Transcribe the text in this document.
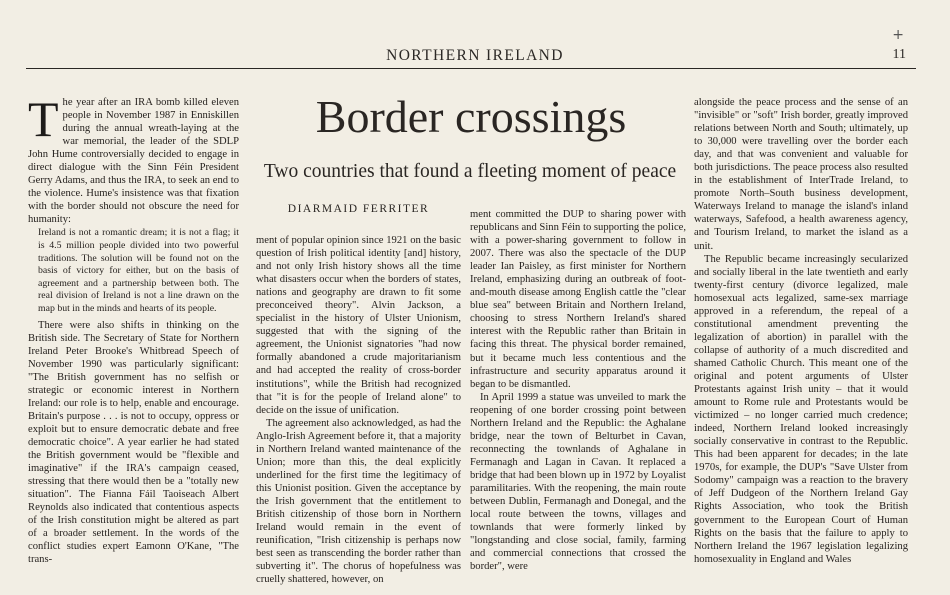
+
NORTHERN IRELAND	11
Border crossings
Two countries that found a fleeting moment of peace
DIARMAID FERRITER

The year after an IRA bomb killed eleven people in November 1987 in Enniskillen during the annual wreath-laying at the war memorial, the leader of the SDLP John Hume controversially decided to engage in direct dialogue with the Sinn Féin President Gerry Adams, and thus the IRA, to seek an end to the violence. Hume's insistence was that fixation with the border should not obscure the need for humanity:

Ireland is not a romantic dream; it is not a flag; it is 4.5 million people divided into two powerful traditions. The solution will be found not on the basis of victory for either, but on the basis of agreement and a partnership between both. The real division of Ireland is not a line drawn on the map but in the minds and hearts of its people.

There were also shifts in thinking on the British side. The Secretary of State for Northern Ireland Peter Brooke's Whitbread Speech of November 1990 was particularly significant: "The British government has no selfish or strategic or economic interest in Northern Ireland: our role is to help, enable and encourage. Britain's purpose . . . is not to occupy, oppress or exploit but to ensure democratic debate and free democratic choice". A year earlier he had stated the British government would be "flexible and imaginative" if the IRA's campaign ceased, stressing that there would then be a "totally new situation". The Fianna Fáil Taoiseach Albert Reynolds also indicated that contentious aspects of the Irish constitution might be altered as part of a broader settlement. In the words of the conflict studies expert Eamonn O'Kane, "The trans-

ment of popular opinion since 1921 on the basic question of Irish political identity [and] history, and not only Irish history shows all the time what disasters occur when the borders of states, nations and geography are drawn to fit some preconceived theory". Alvin Jackson, a specialist in the history of Ulster Unionism, suggested that with the signing of the agreement, the Unionist signatories "had now formally abandoned a crude majoritarianism and had accepted the reality of cross-border institutions", while the British had recognized that "it is for the people of Ireland alone" to decide on the issue of unification.

The agreement also acknowledged, as had the Anglo-Irish Agreement before it, that a majority in Northern Ireland wanted maintenance of the Union; more than this, the deal explicitly underlined for the first time the legitimacy of this Unionist position. Given the acceptance by the Irish government that the entitlement to British citizenship of those born in Northern Ireland would remain in the event of reunification, "Irish citizenship is perhaps now best seen as transcending the border rather than subverting it". The chorus of hopefulness was cruelly shattered, however, on

ment committed the DUP to sharing power with republicans and Sinn Féin to supporting the police, with a power-sharing government to follow in 2007. There was also the spectacle of the DUP leader Ian Paisley, as first minister for Northern Ireland, emphasizing during an outbreak of foot-and-mouth disease among English cattle the "clear blue sea" between Britain and Northern Ireland, choosing to stress Northern Ireland's shared interest with the Republic rather than Britain in facing this threat. The physical border remained, but it became much less contentious and the infrastructure and security apparatus around it began to be dismantled.

In April 1999 a statue was unveiled to mark the reopening of one border crossing point between Northern Ireland and the Republic: the Aghalane bridge, near the town of Belturbet in Cavan, reconnecting the townlands of Aghalane in Fermanagh and Lagan in Cavan. It replaced a bridge that had been blown up in 1972 by Loyalist paramilitaries. With the reopening, the main route between Dublin, Fermanagh and Donegal, and the local route between the towns, villages and townlands that were formerly linked by "longstanding and close social, family, farming and commercial connections that crossed the border", were

alongside the peace process and the sense of an "invisible" or "soft" Irish border, greatly improved relations between North and South; ultimately, up to 30,000 were travelling over the border each day, and that was convenient and valuable for both jurisdictions. The peace process also resulted in the establishment of InterTrade Ireland, to promote North–South business development, Waterways Ireland to manage the island's inland waterways, Safefood, a health awareness agency, and Tourism Ireland, to market the island as a unit.

The Republic became increasingly secularized and socially liberal in the late twentieth and early twenty-first century (divorce legalized, male homosexual acts legalized, same-sex marriage approved in a referendum, the repeal of a constitutional amendment preventing the legalization of abortion) in parallel with the collapse of authority of a much discredited and shamed Catholic Church. This meant one of the original and potent arguments of Ulster Protestants against Irish unity – that it would amount to Rome rule and Protestants would be victimized – no longer carried much credence; indeed, Northern Ireland looked increasingly socially conservative in contrast to the Republic. This had been apparent for decades; in the late 1970s, for example, the DUP's "Save Ulster from Sodomy" campaign was a reaction to the bravery of Jeff Dudgeon of the Northern Ireland Gay Rights Association, who took the British government to the European Court of Human Rights on the basis that the failure to apply to Northern Ireland the 1967 legislation legalizing homosexuality in England and Wales
